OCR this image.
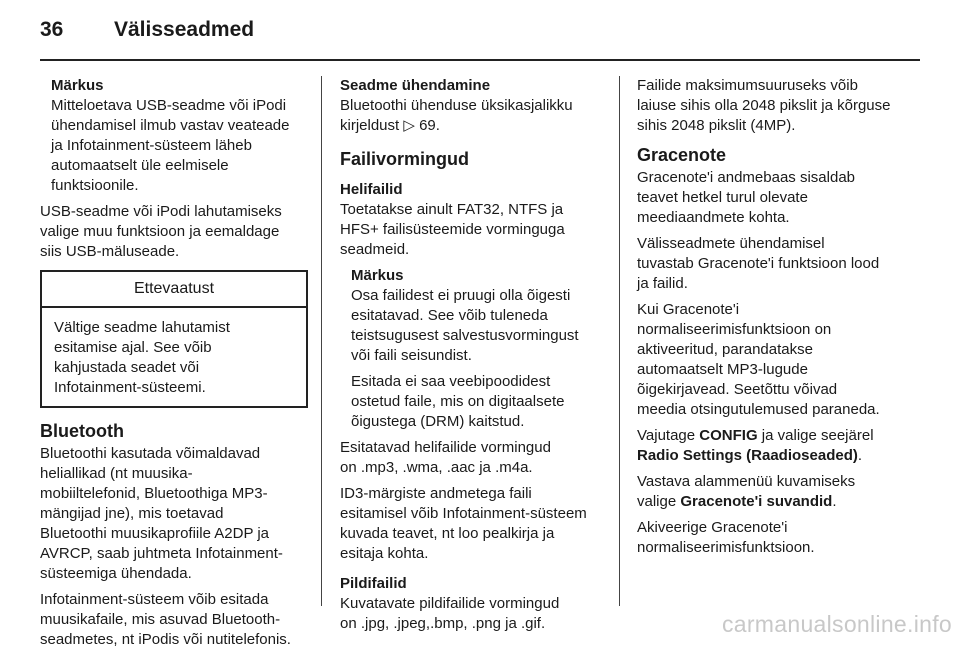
36 Välisseadmed

Märkus

Mitteloetava USB-seadme või iPodi
ühendamisel ilmub vastav veateade
ja Infotainment-süsteem läheb
automaatselt üle eelmisele
funktsioonile.

USB-seadme või iPodi lahutamiseks
valige muu funktsioon ja eemaldage
siis USB-mäluseade.

Ettevaatust
Vältige seadme lahutamist
esitamise ajal. See võib
kahjustada seadet või
Infotainment-süsteemi.
Bluetooth

Bluetoothi kasutada võimaldavad
heliallikad (nt muusika-
mobiiltelefonid, Bluetoothiga MP3-
mängijad jne), mis toetavad
Bluetoothi muusikaprofiile A2DP ja
AVRCP, saab juhtmeta Infotainment-
süsteemiga ühendada.

Infotainment-süsteem võib esitada
muusikafaile, mis asuvad Bluetooth-
seadmetes, nt iPodis või nutitelefonis.

Seadme ühendamine

Bluetoothi ühenduse üksikasjalikku
kirjeldust ▷ 69.

Failivormingud
Helifailid

Toetatakse ainult FAT32, NTFS ja
HFS+ failisüsteemide vorminguga
seadmeid.

Märkus

Osa failidest ei pruugi olla õigesti
esitatavad. See võib tuleneda
teistsugusest salvestusvormingust
või faili seisundist.

Esitada ei saa veebipoodidest
ostetud faile, mis on digitaalsete
õigustega (DRM) kaitstud.

Esitatavad helifailide vormingud
on .mp3, .wma, .aac ja .m4a.

ID3-märgiste andmetega faili
esitamisel võib Infotainment-süsteem
kuvada teavet, nt loo pealkirja ja
esitaja kohta.

Pildifailid

Kuvatavate pildifailide vormingud
on .jpg, .jpeg,.bmp, .png ja .gif.

Failide maksimumsuuruseks võib
laiuse sihis olla 2048 pikslit ja kõrguse
sihis 2048 pikslit (4MP).

Gracenote

Gracenote'i andmebaas sisaldab
teavet hetkel turul olevate
meediaandmete kohta.

Välisseadmete ühendamisel
tuvastab Gracenote'i funktsioon lood
ja failid.

Kui Gracenote'i
normaliseerimisfunktsioon on
aktiveeritud, parandatakse
automaatselt MP3-lugude
õigekirjavead. Seetõttu võivad
meedia otsingutulemused paraneda.

Vajutage CONFIG ja valige seejärel
Radio Settings (Raadioseaded).

Vastava alammenüü kuvamiseks
valige Gracenote'i suvandid.

Akiveerige Gracenote'i
normaliseerimisfunktsioon.

carmanualsonline.info
